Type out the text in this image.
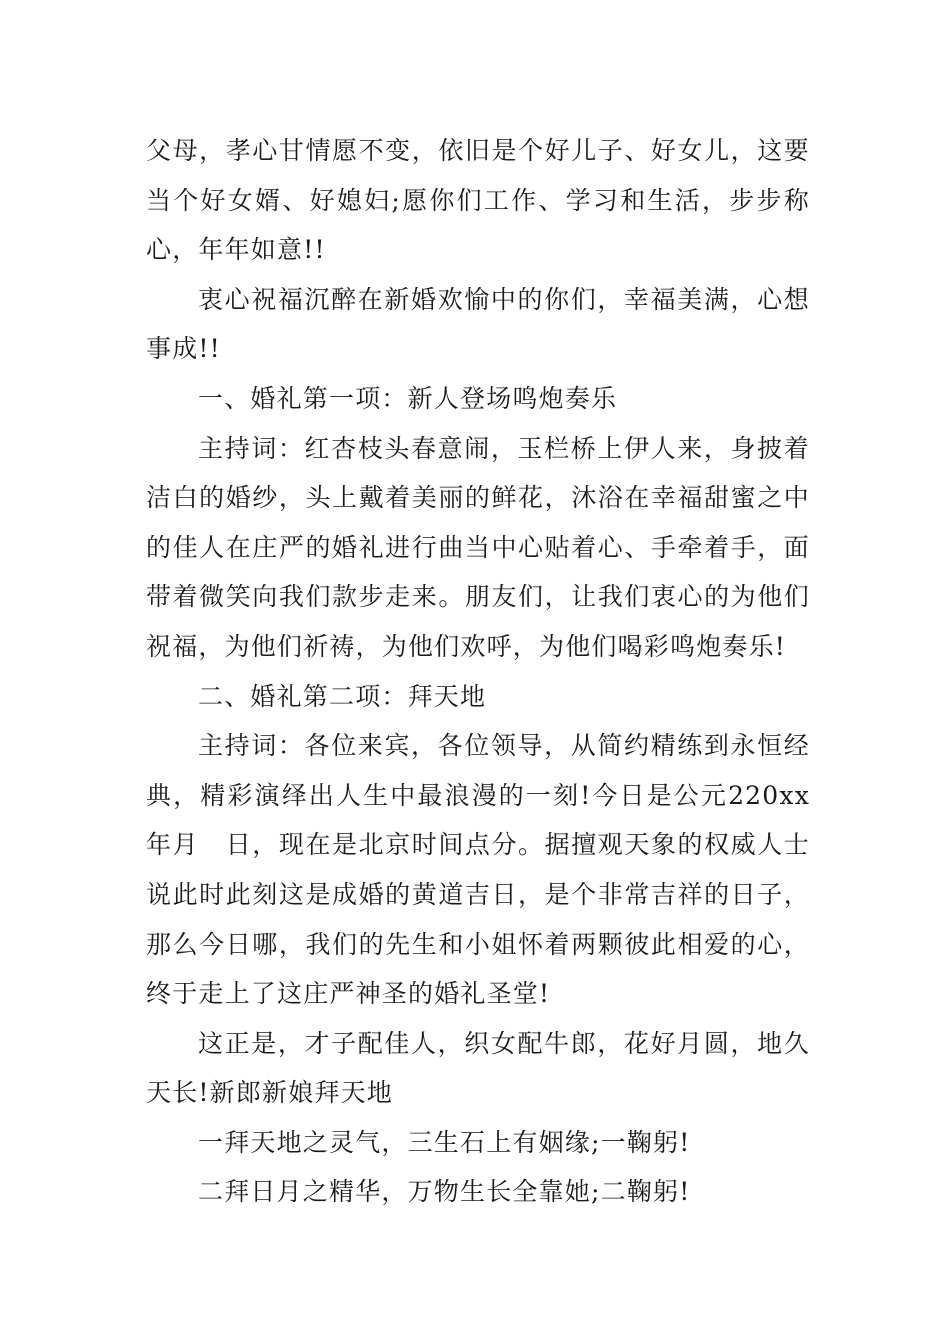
父母，孝心甘情愿不变，依旧是个好儿子、好女儿，这要当个好女婿、好媳妇;愿你们工作、学习和生活，步步称心，年年如意!!

衷心祝福沉醉在新婚欢愉中的你们，幸福美满，心想事成!!

一、婚礼第一项：新人登场鸣炮奏乐

主持词：红杏枝头春意闹，玉栏桥上伊人来，身披着洁白的婚纱，头上戴着美丽的鲜花，沐浴在幸福甜蜜之中的佳人在庄严的婚礼进行曲当中心贴着心、手牵着手，面带着微笑向我们款步走来。朋友们，让我们衷心的为他们祝福，为他们祈祷，为他们欢呼，为他们喝彩鸣炮奏乐!

二、婚礼第二项：拜天地

主持词：各位来宾，各位领导，从简约精练到永恒经典，精彩演绎出人生中最浪漫的一刻!今日是公元220xx年月　日，现在是北京时间点分。据擅观天象的权威人士说此时此刻这是成婚的黄道吉日，是个非常吉祥的日子，那么今日哪，我们的先生和小姐怀着两颗彼此相爱的心，终于走上了这庄严神圣的婚礼圣堂!

这正是，才子配佳人，织女配牛郎，花好月圆，地久天长!新郎新娘拜天地

一拜天地之灵气，三生石上有姻缘;一鞠躬!

二拜日月之精华，万物生长全靠她;二鞠躬!
